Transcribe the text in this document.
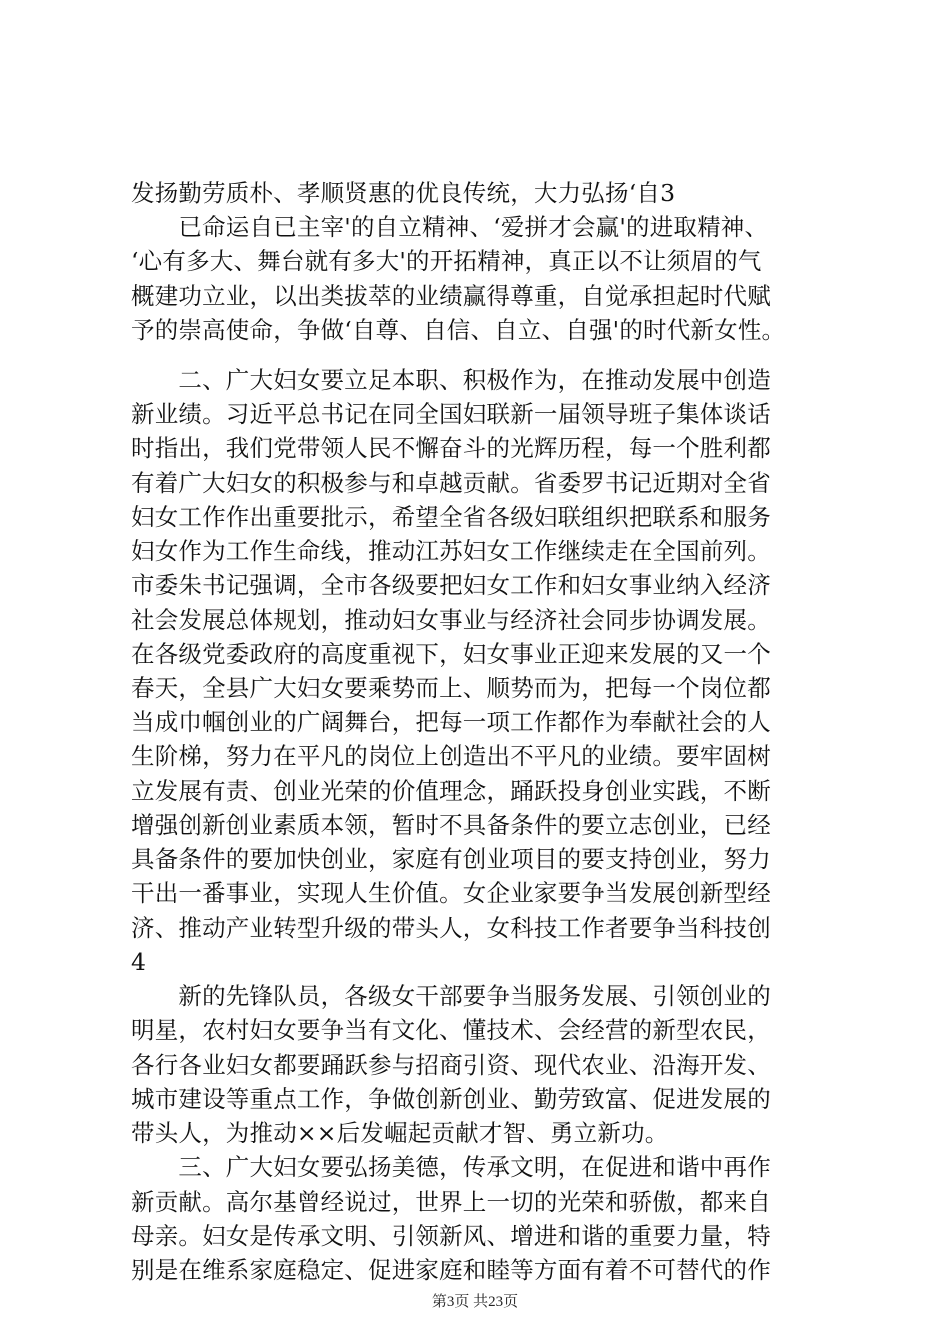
发扬勤劳质朴、孝顺贤惠的优良传统，大力弘扬‘自3
　　已命运自已主宰'的自立精神、‘爱拼才会赢'的进取精神、
‘心有多大、舞台就有多大'的开拓精神，真正以不让须眉的气
概建功立业，以出类拔萃的业绩赢得尊重，自觉承担起时代赋
予的崇高使命，争做‘自尊、自信、自立、自强'的时代新女性。
　　二、广大妇女要立足本职、积极作为，在推动发展中创造
新业绩。习近平总书记在同全国妇联新一届领导班子集体谈话
时指出，我们党带领人民不懈奋斗的光辉历程，每一个胜利都
有着广大妇女的积极参与和卓越贡献。省委罗书记近期对全省
妇女工作作出重要批示，希望全省各级妇联组织把联系和服务
妇女作为工作生命线，推动江苏妇女工作继续走在全国前列。
市委朱书记强调，全市各级要把妇女工作和妇女事业纳入经济
社会发展总体规划，推动妇女事业与经济社会同步协调发展。
在各级党委政府的高度重视下，妇女事业正迎来发展的又一个
春天，全县广大妇女要乘势而上、顺势而为，把每一个岗位都
当成巾帼创业的广阔舞台，把每一项工作都作为奉献社会的人
生阶梯，努力在平凡的岗位上创造出不平凡的业绩。要牢固树
立发展有责、创业光荣的价值理念，踊跃投身创业实践，不断
增强创新创业素质本领，暂时不具备条件的要立志创业，已经
具备条件的要加快创业，家庭有创业项目的要支持创业，努力
干出一番事业，实现人生价值。女企业家要争当发展创新型经
济、推动产业转型升级的带头人，女科技工作者要争当科技创
4
　　新的先锋队员，各级女干部要争当服务发展、引领创业的
明星，农村妇女要争当有文化、懂技术、会经营的新型农民，
各行各业妇女都要踊跃参与招商引资、现代农业、沿海开发、
城市建设等重点工作，争做创新创业、勤劳致富、促进发展的
带头人，为推动××后发崛起贡献才智、勇立新功。
　　三、广大妇女要弘扬美德，传承文明，在促进和谐中再作
新贡献。高尔基曾经说过，世界上一切的光荣和骄傲，都来自
母亲。妇女是传承文明、引领新风、增进和谐的重要力量，特
别是在维系家庭稳定、促进家庭和睦等方面有着不可替代的作
第3页 共23页
